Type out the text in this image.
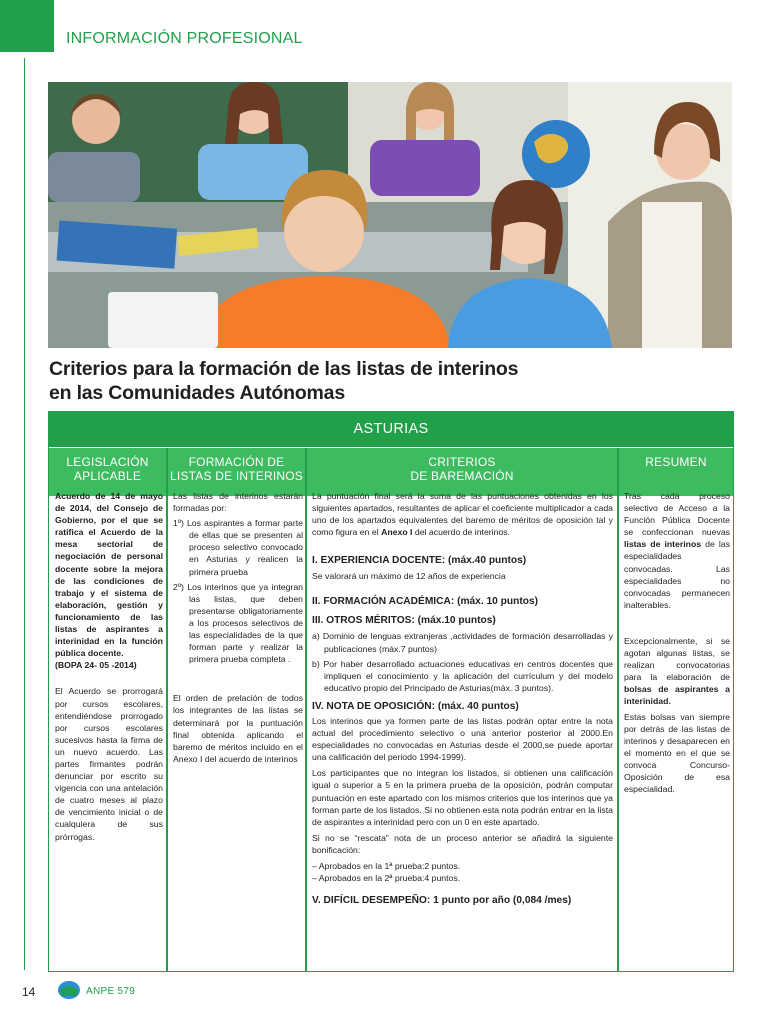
INFORMACIÓN PROFESIONAL
Criterios para la formación de las listas de interinos
en las Comunidades Autónomas
ASTURIAS
LEGISLACIÓN
APLICABLE
FORMACIÓN DE
LISTAS DE INTERINOS
CRITERIOS
DE BAREMACIÓN
RESUMEN

Acuerdo de 14 de mayo de 2014, del Consejo de Gobierno, por el que se ratifica el Acuerdo de la mesa sectorial de negociación de personal docente sobre la mejora de las condiciones de trabajo y el sistema de elaboración, gestión y funcionamiento de las listas de aspirantes a interinidad en la función pública docente.

(BOPA 24- 05 -2014)

El Acuerdo se prorrogará por cursos escolares, entendiéndose prorrogado por cursos escolares sucesivos hasta la firma de un nuevo acuerdo. Las partes firmantes podrán denunciar por escrito su vigencia con una antelación de cuatro meses al plazo de vencimiento inicial o de cualquiera de sus prórrogas.

Las listas de interinos estarán formadas por:

1º) Los aspirantes a formar parte de ellas que se presenten al proceso selectivo convocado en Asturias y realicen la primera prueba

2º) Los interinos que ya integran las listas, que deben presentarse obligatoriamente a los procesos selectivos de las especialidades de la que forman parte y realizar la primera prueba completa .

El orden de prelación de todos los integrantes de las listas se determinará por la puntuación final obtenida aplicando el baremo de méritos incluido en el Anexo I del acuerdo de interinos

La puntuación final será la suma de las puntuaciones obtenidas en los siguientes apartados, resultantes de aplicar el coeficiente multiplicador a cada uno de los apartados equivalentes del baremo de méritos de oposición tal y como figura en el Anexo I del acuerdo de interinos.

I. EXPERIENCIA DOCENTE: (máx.40 puntos)

Se valorará un máximo de 12 años de experiencia

II. FORMACIÓN ACADÉMICA: (máx. 10 puntos)

III. OTROS MÉRITOS: (máx.10 puntos)

a) Dominio de lenguas extranjeras ,actividades de formación desarrolladas y publicaciones (máx.7 puntos)

b) Por haber desarrollado actuaciones educativas en centros docentes que impliquen el conocimiento y la aplicación del currículum y del modelo educativo propio del Principado de Asturias(máx. 3 puntos).

IV. NOTA DE OPOSICIÓN: (máx. 40 puntos)

Los interinos que ya formen parte de las listas podrán optar entre la nota actual del procedimiento selectivo o una anterior posterior al 2000.En especialidades no convocadas en Asturias desde el 2000,se puede aportar una calificación del periodo 1994-1999).

Los participantes que no integran los listados, si obtienen una calificación igual o superior a 5 en la primera prueba de la oposición, podrán computar puntuación en este apartado con los mismos criterios que los interinos que ya forman parte de los listados. Si no obtienen esta nota podrán entrar en la lista de aspirantes a interinidad pero con un 0 en este apartado.

Si no se “rescata” nota de un proceso anterior se añadirá la siguiente bonificación:

– Aprobados en la 1ª prueba:2 puntos.

– Aprobados en la 2ª prueba:4 puntos.

V. DIFÍCIL DESEMPEÑO: 1 punto por año (0,084 /mes)

Tras cada proceso selectivo de Acceso a la Función Pública Docente se confeccionan nuevas listas de interinos de las especialidades convocadas. Las especialidades no convocadas permanecen inalterables.

Excepcionalmente, si se agotan algunas listas, se realizan convocatorias para la elaboración de bolsas de aspirantes a interinidad.

Estas bolsas van siempre por detrás de las listas de interinos y desaparecen en el momento en el que se convoca Concurso-Oposición de esa especialidad.

14	ANPE 579
